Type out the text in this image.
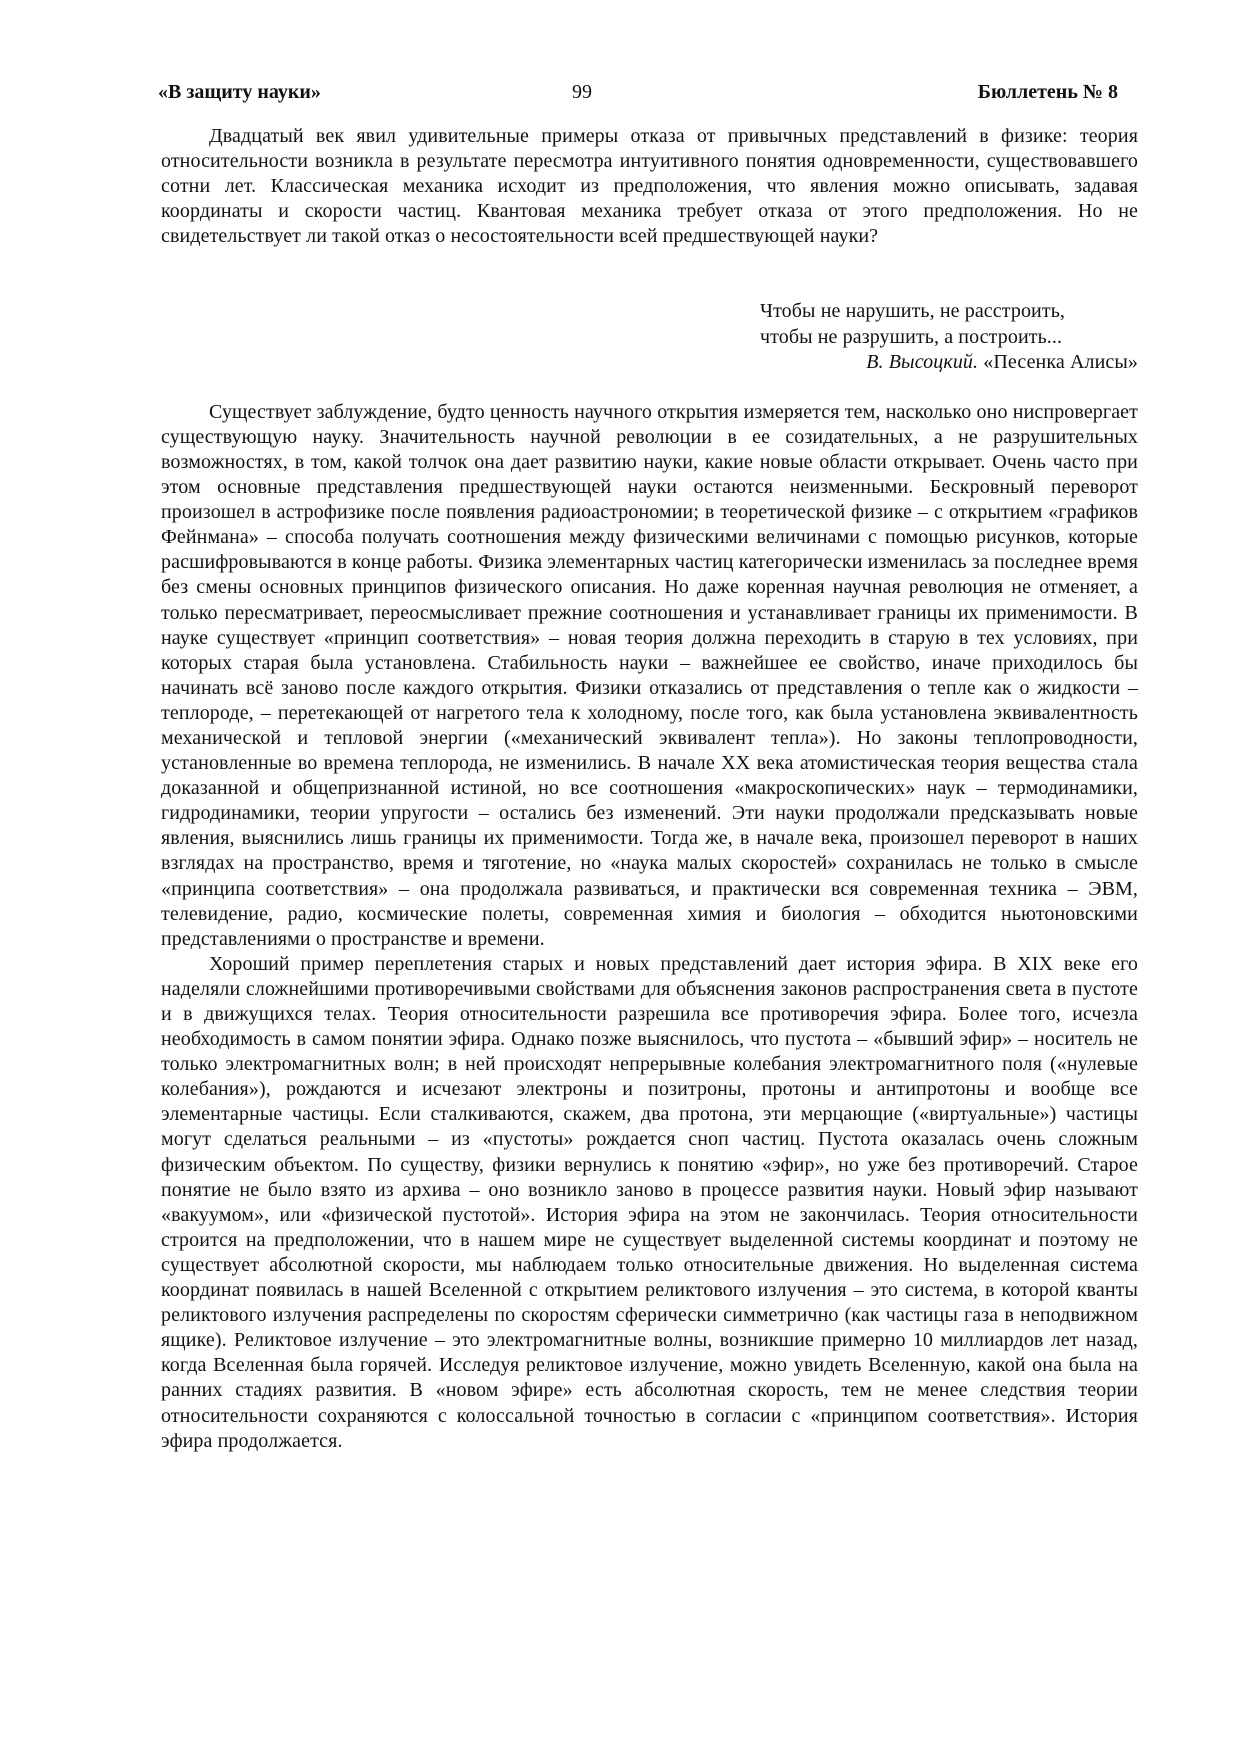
«В защиту науки»	99	Бюллетень № 8

Двадцатый век явил удивительные примеры отказа от привычных представлений в физике: теория относительности возникла в результате пересмотра интуитивного понятия одновременности, существовавшего сотни лет. Классическая механика исходит из предположения, что явления можно описывать, задавая координаты и скорости частиц. Квантовая механика требует отказа от этого предположения. Но не свидетельствует ли такой отказ о несостоятельности всей предшествующей науки?

Чтобы не нарушить, не расстроить,
чтобы не разрушить, а построить...
В. Высоцкий. «Песенка Алисы»

Существует заблуждение, будто ценность научного открытия измеряется тем, насколько оно ниспровергает существующую науку. Значительность научной революции в ее созидательных, а не разрушительных возможностях, в том, какой толчок она дает развитию науки, какие новые области открывает. Очень часто при этом основные представления предшествующей науки остаются неизменными. Бескровный переворот произошел в астрофизике после появления радиоастрономии; в теоретической физике – с открытием «графиков Фейнмана» – способа получать соотношения между физическими величинами с помощью рисунков, которые расшифровываются в конце работы. Физика элементарных частиц категорически изменилась за последнее время без смены основных принципов физического описания. Но даже коренная научная революция не отменяет, а только пересматривает, переосмысливает прежние соотношения и устанавливает границы их применимости. В науке существует «принцип соответствия» – новая теория должна переходить в старую в тех условиях, при которых старая была установлена. Стабильность науки – важнейшее ее свойство, иначе приходилось бы начинать всё заново после каждого открытия. Физики отказались от представления о тепле как о жидкости – теплороде, – перетекающей от нагретого тела к холодному, после того, как была установлена эквивалентность механической и тепловой энергии («механический эквивалент тепла»). Но законы теплопроводности, установленные во времена теплорода, не изменились. В начале XX века атомистическая теория вещества стала доказанной и общепризнанной истиной, но все соотношения «макроскопических» наук – термодинамики, гидродинамики, теории упругости – остались без изменений. Эти науки продолжали предсказывать новые явления, выяснились лишь границы их применимости. Тогда же, в начале века, произошел переворот в наших взглядах на пространство, время и тяготение, но «наука малых скоростей» сохранилась не только в смысле «принципа соответствия» – она продолжала развиваться, и практически вся современная техника – ЭВМ, телевидение, радио, космические полеты, современная химия и биология – обходится ньютоновскими представлениями о пространстве и времени.

Хороший пример переплетения старых и новых представлений дает история эфира. В XIX веке его наделяли сложнейшими противоречивыми свойствами для объяснения законов распространения света в пустоте и в движущихся телах. Теория относительности разрешила все противоречия эфира. Более того, исчезла необходимость в самом понятии эфира. Однако позже выяснилось, что пустота – «бывший эфир» – носитель не только электромагнитных волн; в ней происходят непрерывные колебания электромагнитного поля («нулевые колебания»), рождаются и исчезают электроны и позитроны, протоны и антипротоны и вообще все элементарные частицы. Если сталкиваются, скажем, два протона, эти мерцающие («виртуальные») частицы могут сделаться реальными – из «пустоты» рождается сноп частиц. Пустота оказалась очень сложным физическим объектом. По существу, физики вернулись к понятию «эфир», но уже без противоречий. Старое понятие не было взято из архива – оно возникло заново в процессе развития науки. Новый эфир называют «вакуумом», или «физической пустотой». История эфира на этом не закончилась. Теория относительности строится на предположении, что в нашем мире не существует выделенной системы координат и поэтому не существует абсолютной скорости, мы наблюдаем только относительные движения. Но выделенная система координат появилась в нашей Вселенной с открытием реликтового излучения – это система, в которой кванты реликтового излучения распределены по скоростям сферически симметрично (как частицы газа в неподвижном ящике). Реликтовое излучение – это электромагнитные волны, возникшие примерно 10 миллиардов лет назад, когда Вселенная была горячей. Исследуя реликтовое излучение, можно увидеть Вселенную, какой она была на ранних стадиях развития. В «новом эфире» есть абсолютная скорость, тем не менее следствия теории относительности сохраняются с колоссальной точностью в согласии с «принципом соответствия». История эфира продолжается.
